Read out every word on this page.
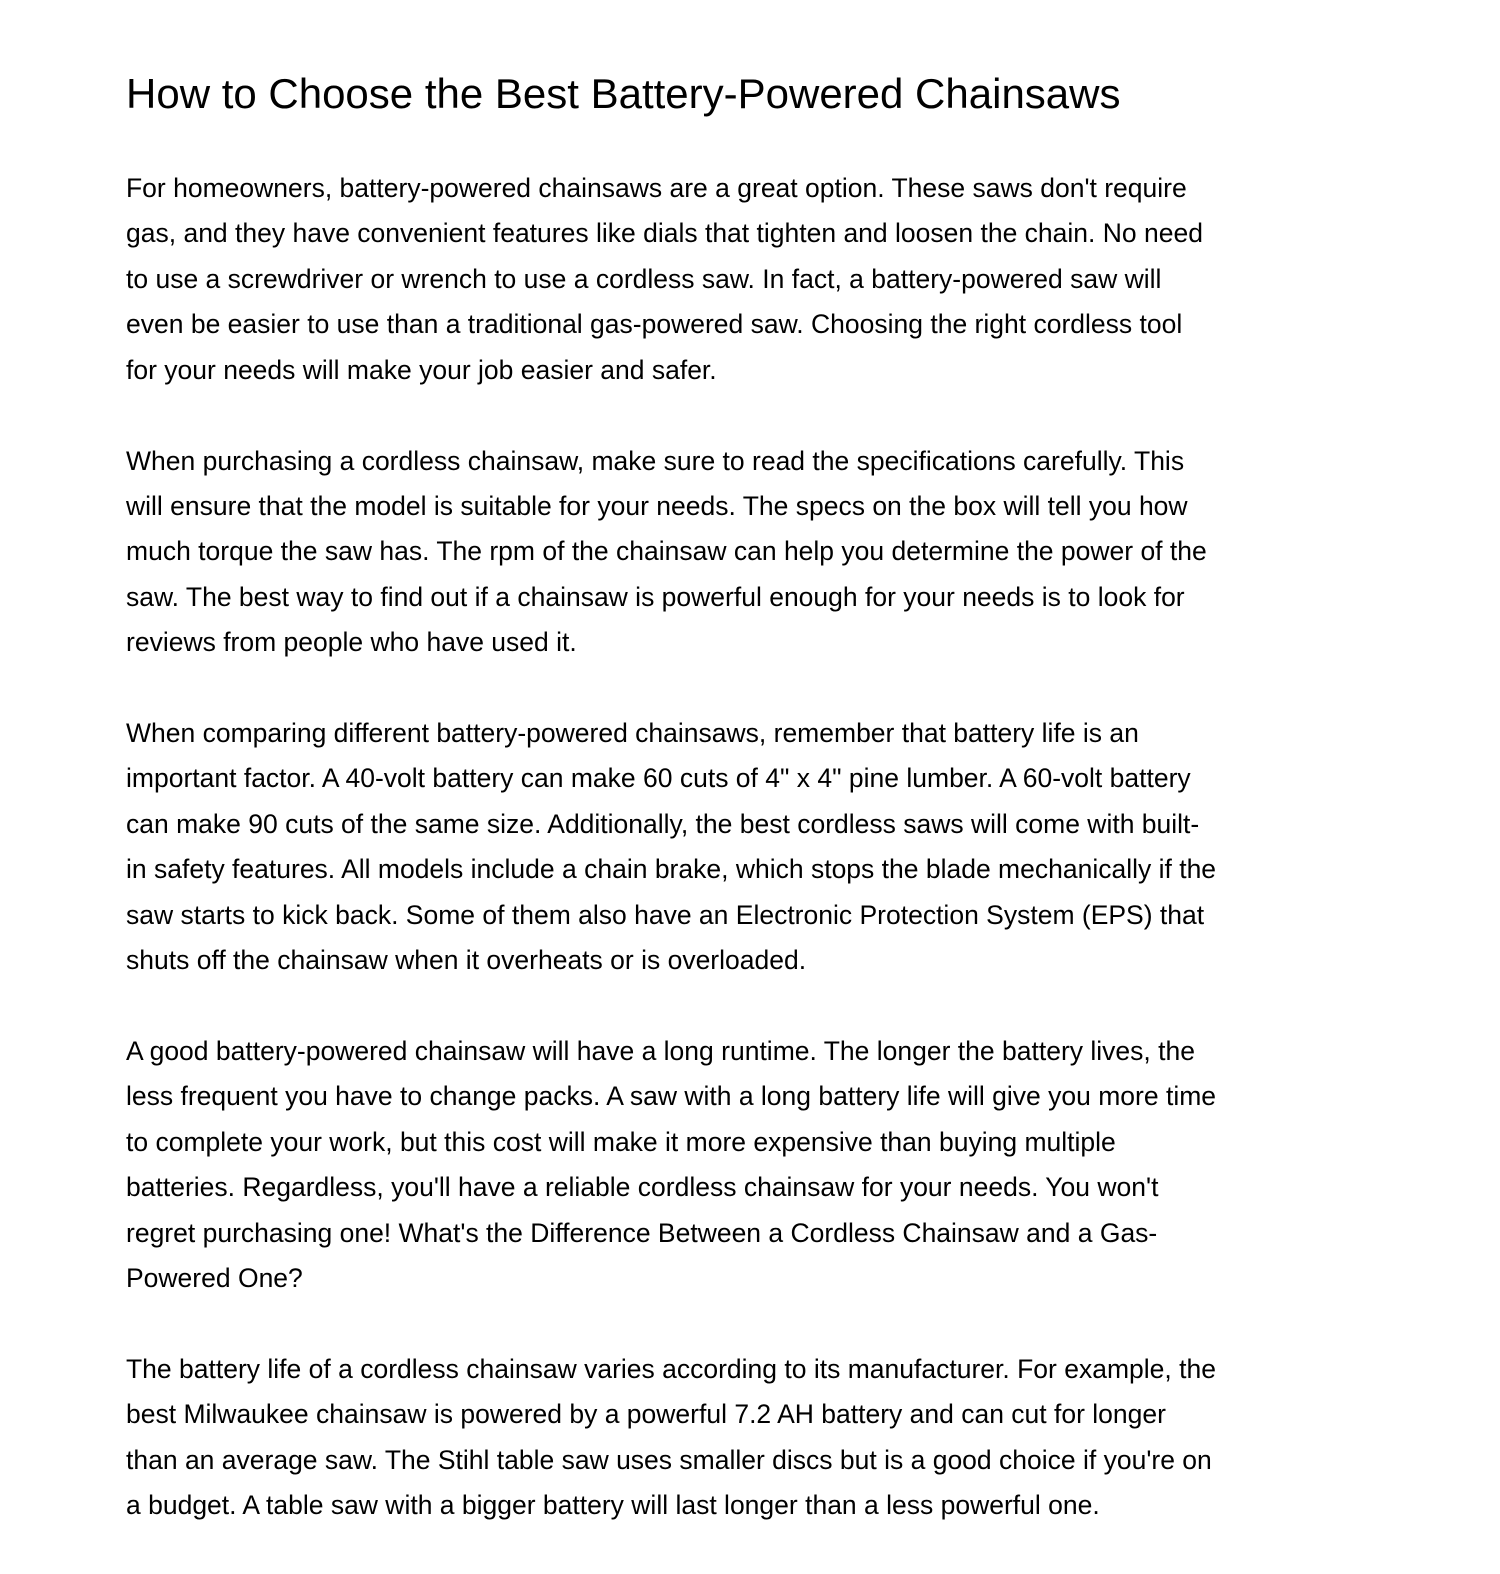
How to Choose the Best Battery-Powered Chainsaws

For homeowners, battery-powered chainsaws are a great option. These saws don't require
gas, and they have convenient features like dials that tighten and loosen the chain. No need
to use a screwdriver or wrench to use a cordless saw. In fact, a battery-powered saw will
even be easier to use than a traditional gas-powered saw. Choosing the right cordless tool
for your needs will make your job easier and safer.

When purchasing a cordless chainsaw, make sure to read the specifications carefully. This
will ensure that the model is suitable for your needs. The specs on the box will tell you how
much torque the saw has. The rpm of the chainsaw can help you determine the power of the
saw. The best way to find out if a chainsaw is powerful enough for your needs is to look for
reviews from people who have used it.

When comparing different battery-powered chainsaws, remember that battery life is an
important factor. A 40-volt battery can make 60 cuts of 4" x 4" pine lumber. A 60-volt battery
can make 90 cuts of the same size. Additionally, the best cordless saws will come with built-
in safety features. All models include a chain brake, which stops the blade mechanically if the
saw starts to kick back. Some of them also have an Electronic Protection System (EPS) that
shuts off the chainsaw when it overheats or is overloaded.

A good battery-powered chainsaw will have a long runtime. The longer the battery lives, the
less frequent you have to change packs. A saw with a long battery life will give you more time
to complete your work, but this cost will make it more expensive than buying multiple
batteries. Regardless, you'll have a reliable cordless chainsaw for your needs. You won't
regret purchasing one! What's the Difference Between a Cordless Chainsaw and a Gas-
Powered One?

The battery life of a cordless chainsaw varies according to its manufacturer. For example, the
best Milwaukee chainsaw is powered by a powerful 7.2 AH battery and can cut for longer
than an average saw. The Stihl table saw uses smaller discs but is a good choice if you're on
a budget. A table saw with a bigger battery will last longer than a less powerful one.
